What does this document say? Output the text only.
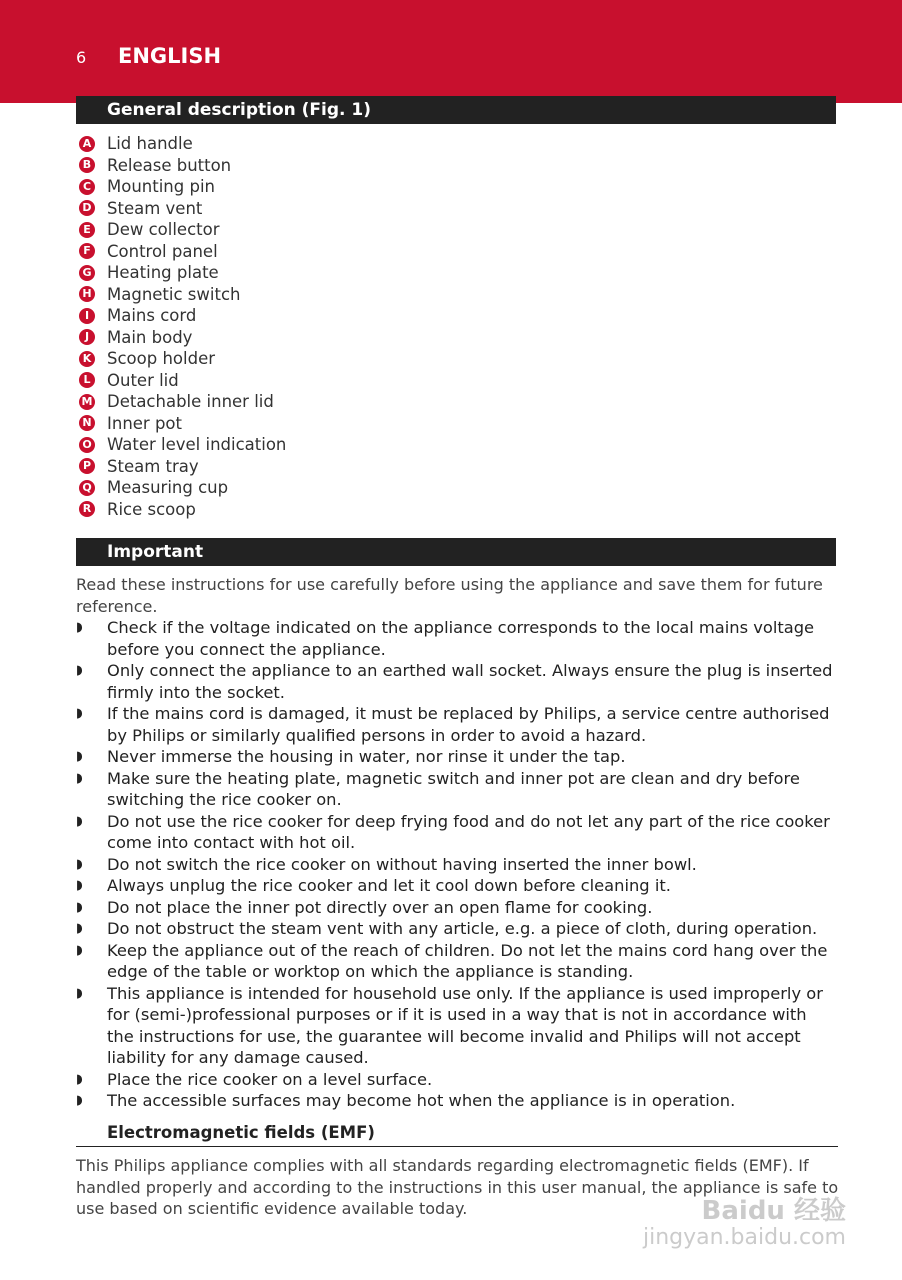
6 ENGLISH
General description (Fig. 1)
A Lid handle
B Release button
C Mounting pin
D Steam vent
E Dew collector
F Control panel
G Heating plate
H Magnetic switch
I	Mains cord
J	Main body
K Scoop holder
L Outer lid
M Detachable inner lid
N Inner pot
O Water level indication
P Steam tray
Q Measuring cup
R Rice scoop
Important

Read these instructions for use carefully before using the appliance and save them for future reference.

◗ Check if the voltage indicated on the appliance corresponds to the local mains voltage before you connect the appliance.
◗ Only connect the appliance to an earthed wall socket. Always ensure the plug is inserted firmly into the socket.
◗ If the mains cord is damaged, it must be replaced by Philips, a service centre authorised by Philips or similarly qualified persons in order to avoid a hazard.
◗ Never immerse the housing in water, nor rinse it under the tap.
◗ Make sure the heating plate, magnetic switch and inner pot are clean and dry before switching the rice cooker on.
◗ Do not use the rice cooker for deep frying food and do not let any part of the rice cooker come into contact with hot oil.
◗ Do not switch the rice cooker on without having inserted the inner bowl.
◗ Always unplug the rice cooker and let it cool down before cleaning it.
◗ Do not place the inner pot directly over an open flame for cooking.
◗ Do not obstruct the steam vent with any article, e.g. a piece of cloth, during operation.
◗ Keep the appliance out of the reach of children. Do not let the mains cord hang over the edge of the table or worktop on which the appliance is standing.
◗ This appliance is intended for household use only. If the appliance is used improperly or for (semi-)professional purposes or if it is used in a way that is not in accordance with the instructions for use, the guarantee will become invalid and Philips will not accept liability for any damage caused.
◗ Place the rice cooker on a level surface.
◗ The accessible surfaces may become hot when the appliance is in operation.
Electromagnetic fields (EMF)

This Philips appliance complies with all standards regarding electromagnetic fields (EMF). If handled properly and according to the instructions in this user manual, the appliance is safe to use based on scientific evidence available today.	Baidu 经验
jingyan.baidu.com
